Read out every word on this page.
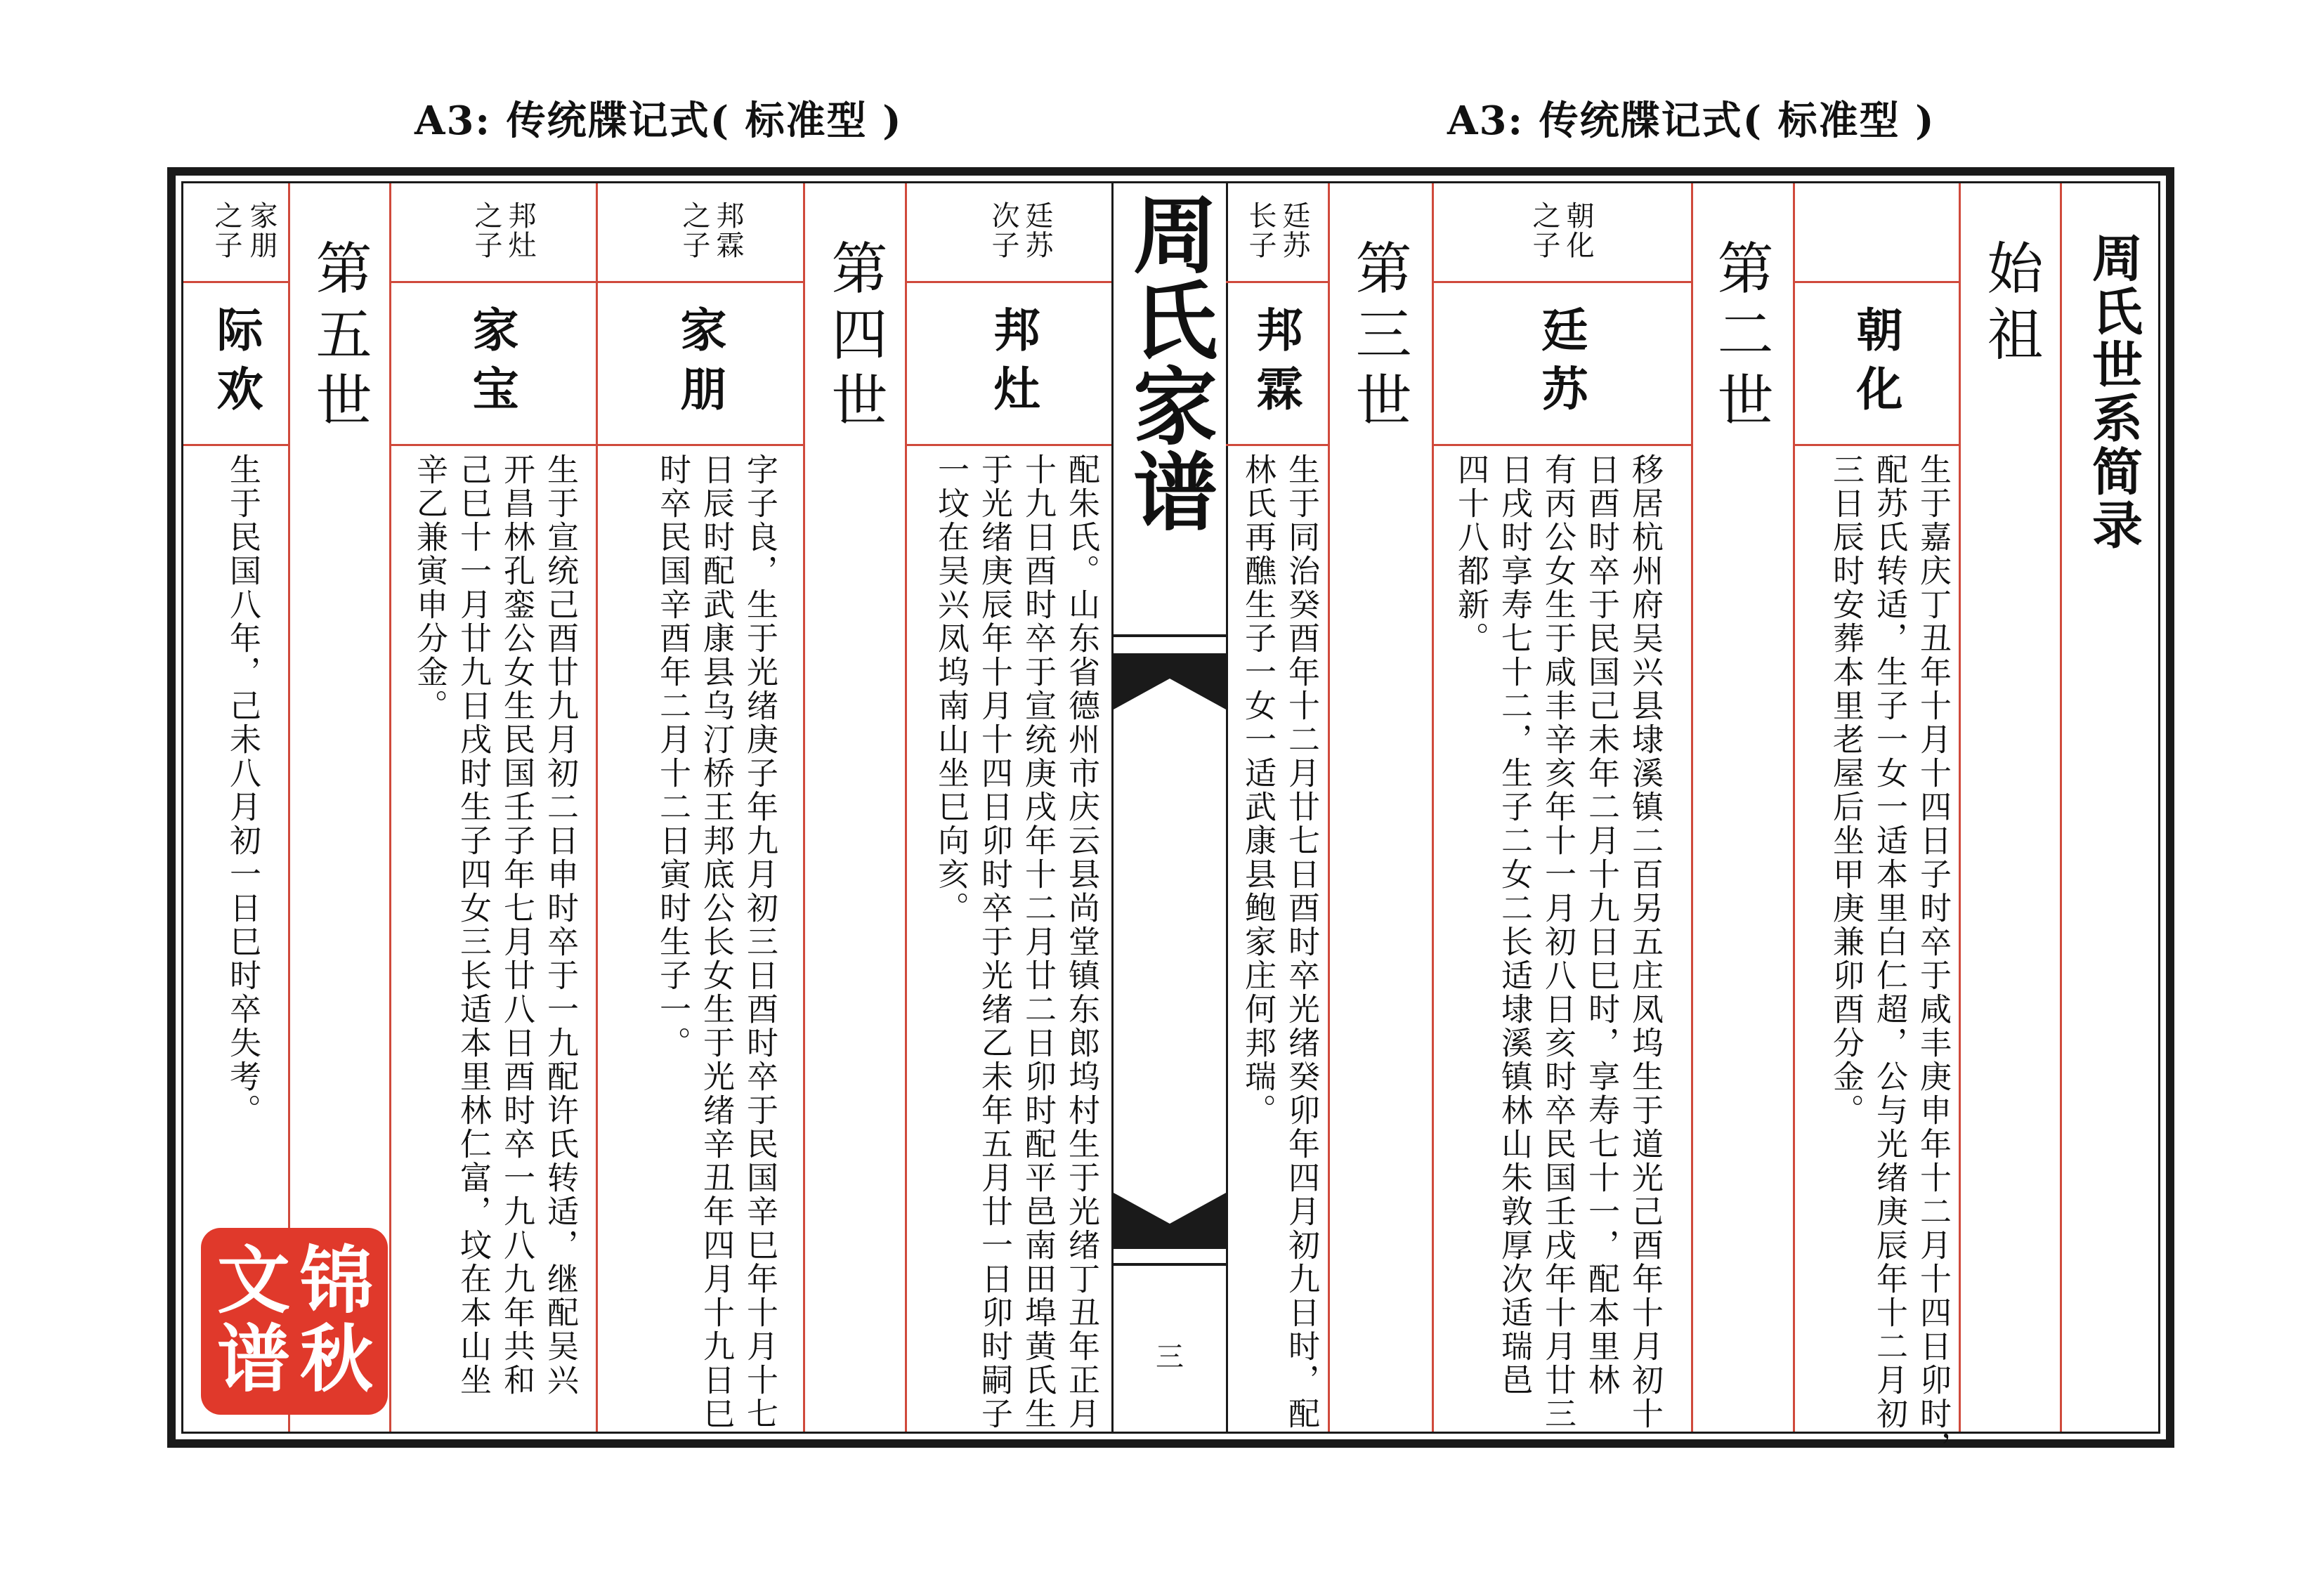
A3: 传统牒记式( 标准型 )	A3: 传统牒记式( 标准型 )
周氏世系简录
始祖
第二世
第三世
第四世
第五世	周氏家谱
三
朝化
生于嘉庆丁丑年十月十四日子时卒于咸丰庚申年十二月十四日卯时，
配苏氏转适，生子一女一适本里白仁超，公与光绪庚辰年十二月初
三日辰时安葬本里老屋后坐甲庚兼卯酉分金。
朝化
之子
廷苏
移居杭州府吴兴县埭溪镇二百另五庄凤坞生于道光己酉年十月初十
日酉时卒于民国己未年二月十九日巳时，享寿七十一，配本里林
有丙公女生于咸丰辛亥年十一月初八日亥时卒民国壬戌年十月廿三
日戌时享寿七十二，生子二女二长适埭溪镇林山朱敦厚次适瑞邑
四十八都新。
廷苏
长子
邦霖
生于同治癸酉年十二月廿七日酉时卒光绪癸卯年四月初九日时，配
林氏再醮生子一女一适武康县鲍家庄何邦瑞。
廷苏
次子
邦灶
配朱氏。山东省德州市庆云县尚堂镇东郎坞村生于光绪丁丑年正月
十九日酉时卒于宣统庚戌年十二月廿二日卯时配平邑南田埠黄氏生
于光绪庚辰年十月十四日卯时卒于光绪乙未年五月廿一日卯时嗣子
一坟在吴兴凤坞南山坐巳向亥。
邦霖
之子
家朋
字子良，生于光绪庚子年九月初三日酉时卒于民国辛巳年十月十七
日辰时配武康县乌汀桥王邦底公长女生于光绪辛丑年四月十九日巳
时卒民国辛酉年二月十二日寅时生子一。
邦灶
之子
家宝
生于宣统己酉廿九月初二日申时卒于一九配许氏转适，继配吴兴
开昌林孔銮公女生民国壬子年七月廿八日酉时卒一九八九年共和
己巳十一月廿九日戌时生子四女三长适本里林仁富，坟在本山坐
辛乙兼寅申分金。
家朋
之子
际欢
生于民国八年，己未八月初一日巳时卒失考。
锦
秋
文
谱
